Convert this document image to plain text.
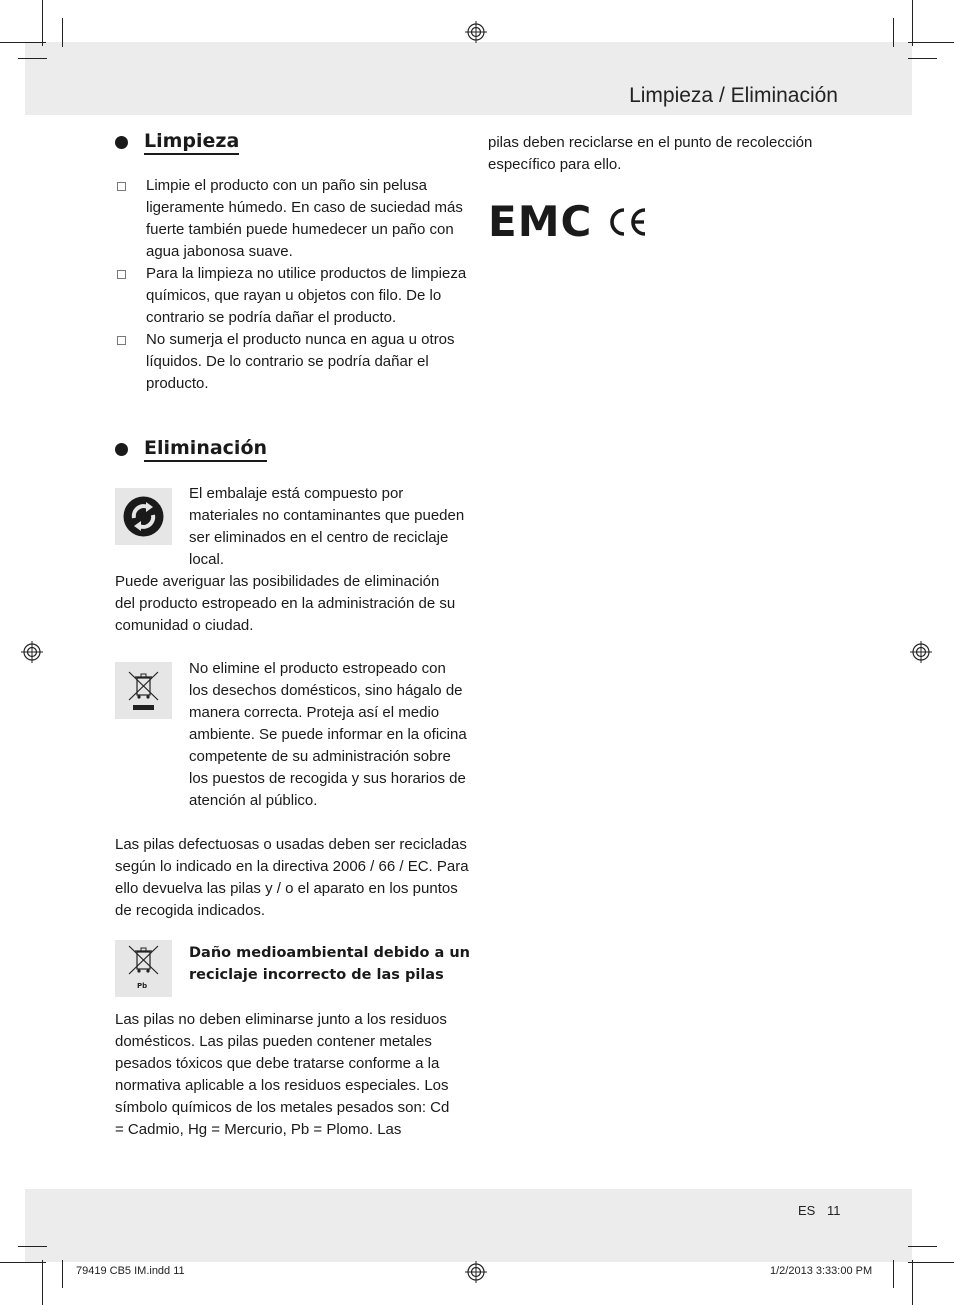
Limpieza / Eliminación
Limpieza
Limpie el producto con un paño sin pelusa ligeramente húmedo. En caso de suciedad más fuerte también puede humedecer un paño con agua jabonosa suave.
Para la limpieza no utilice productos de limpieza químicos, que rayan u objetos con filo. De lo contrario se podría dañar el producto.
No sumerja el producto nunca en agua u otros líquidos. De lo contrario se podría dañar el producto.
Eliminación
El embalaje está compuesto por materiales no contaminantes que pueden ser eliminados en el centro de reciclaje local.
Puede averiguar las posibilidades de eliminación del producto estropeado en la administración de su comunidad o ciudad.
No elimine el producto estropeado con los desechos domésticos, sino hágalo de manera correcta. Proteja así el medio ambiente. Se puede informar en la oficina competente de su administración sobre los puestos de recogida y sus horarios de atención al público.
Las pilas defectuosas o usadas deben ser recicladas según lo indicado en la directiva 2006 / 66 / EC. Para ello devuelva las pilas y / o el aparato en los puntos de recogida indicados.
Pb
Daño medioambiental debido a un reciclaje incorrecto de las pilas
Las pilas no deben eliminarse junto a los residuos domésticos. Las pilas pueden contener metales pesados tóxicos que debe tratarse conforme a la normativa aplicable a los residuos especiales. Los símbolo químicos de los metales pesados son: Cd = Cadmio, Hg = Mercurio, Pb = Plomo. Las
pilas deben reciclarse en el punto de recolección específico para ello.
EMC
ES 11
79419 CB5 IM.indd 11	1/2/2013 3:33:00 PM
